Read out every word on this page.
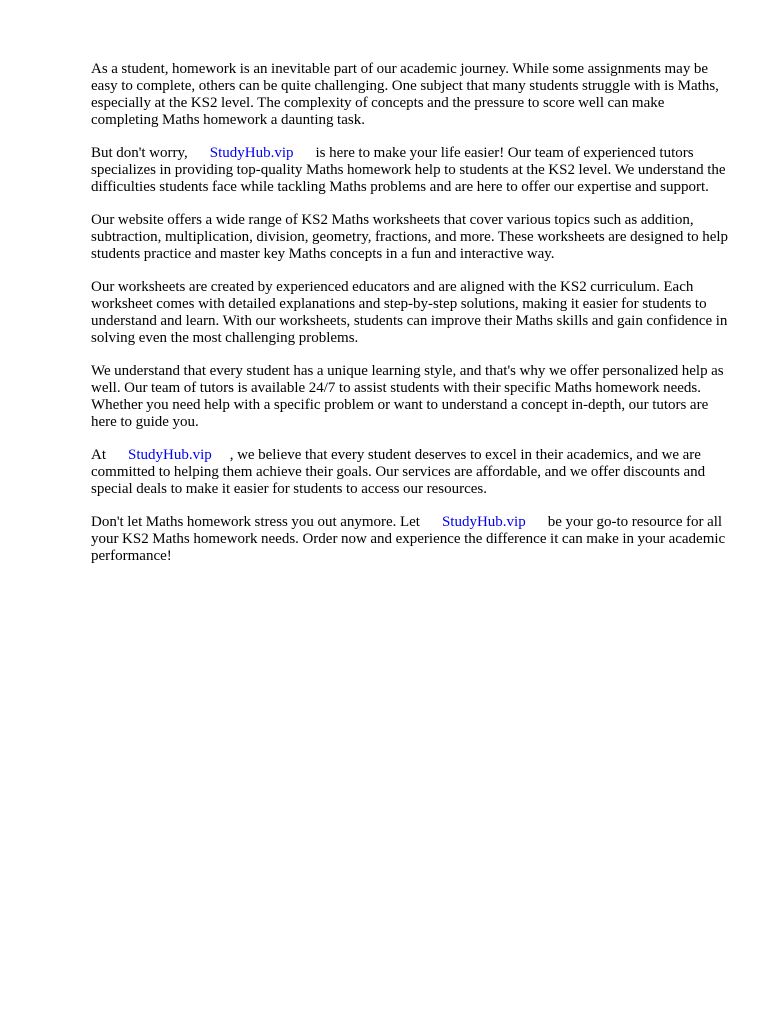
As a student, homework is an inevitable part of our academic journey. While some assignments may be easy to complete, others can be quite challenging. One subject that many students struggle with is Maths, especially at the KS2 level. The complexity of concepts and the pressure to score well can make completing Maths homework a daunting task.

But don't worry, StudyHub.vip is here to make your life easier! Our team of experienced tutors specializes in providing top-quality Maths homework help to students at the KS2 level. We understand the difficulties students face while tackling Maths problems and are here to offer our expertise and support.

Our website offers a wide range of KS2 Maths worksheets that cover various topics such as addition, subtraction, multiplication, division, geometry, fractions, and more. These worksheets are designed to help students practice and master key Maths concepts in a fun and interactive way.

Our worksheets are created by experienced educators and are aligned with the KS2 curriculum. Each worksheet comes with detailed explanations and step-by-step solutions, making it easier for students to understand and learn. With our worksheets, students can improve their Maths skills and gain confidence in solving even the most challenging problems.

We understand that every student has a unique learning style, and that's why we offer personalized help as well. Our team of tutors is available 24/7 to assist students with their specific Maths homework needs. Whether you need help with a specific problem or want to understand a concept in-depth, our tutors are here to guide you.

At StudyHub.vip , we believe that every student deserves to excel in their academics, and we are committed to helping them achieve their goals. Our services are affordable, and we offer discounts and special deals to make it easier for students to access our resources.

Don't let Maths homework stress you out anymore. Let StudyHub.vip be your go-to resource for all your KS2 Maths homework needs. Order now and experience the difference it can make in your academic performance!
